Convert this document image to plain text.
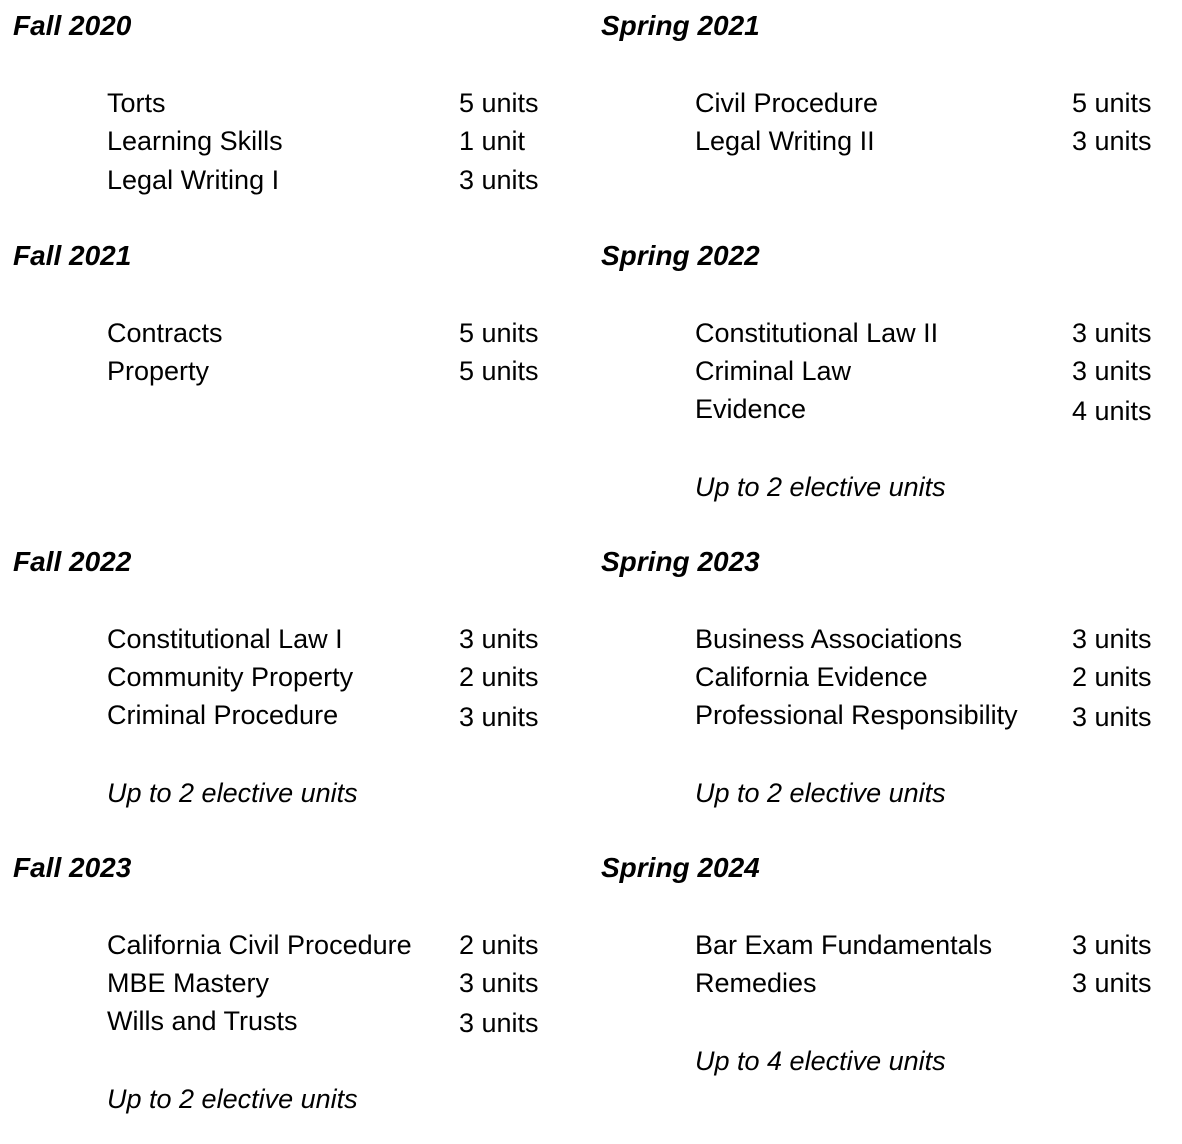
Fall 2020
Torts	5 units
Learning Skills	1 unit
Legal Writing I	3 units
Spring 2021
Civil Procedure	5 units
Legal Writing II	3 units
Fall 2021
Contracts	5 units
Property	5 units
Spring 2022
Constitutional Law II	3 units
Criminal Law	3 units
Evidence	4 units
Up to 2 elective units
Fall 2022
Constitutional Law I	3 units
Community Property	2 units
Criminal Procedure	3 units
Up to 2 elective units
Spring 2023
Business Associations	3 units
California Evidence	2 units
Professional Responsibility 3 units
Up to 2 elective units
Fall 2023
California Civil Procedure 2 units
MBE Mastery	3 units
Wills and Trusts	3 units
Up to 2 elective units
Spring 2024
Bar Exam Fundamentals	3 units
Remedies	3 units
Up to 4 elective units
